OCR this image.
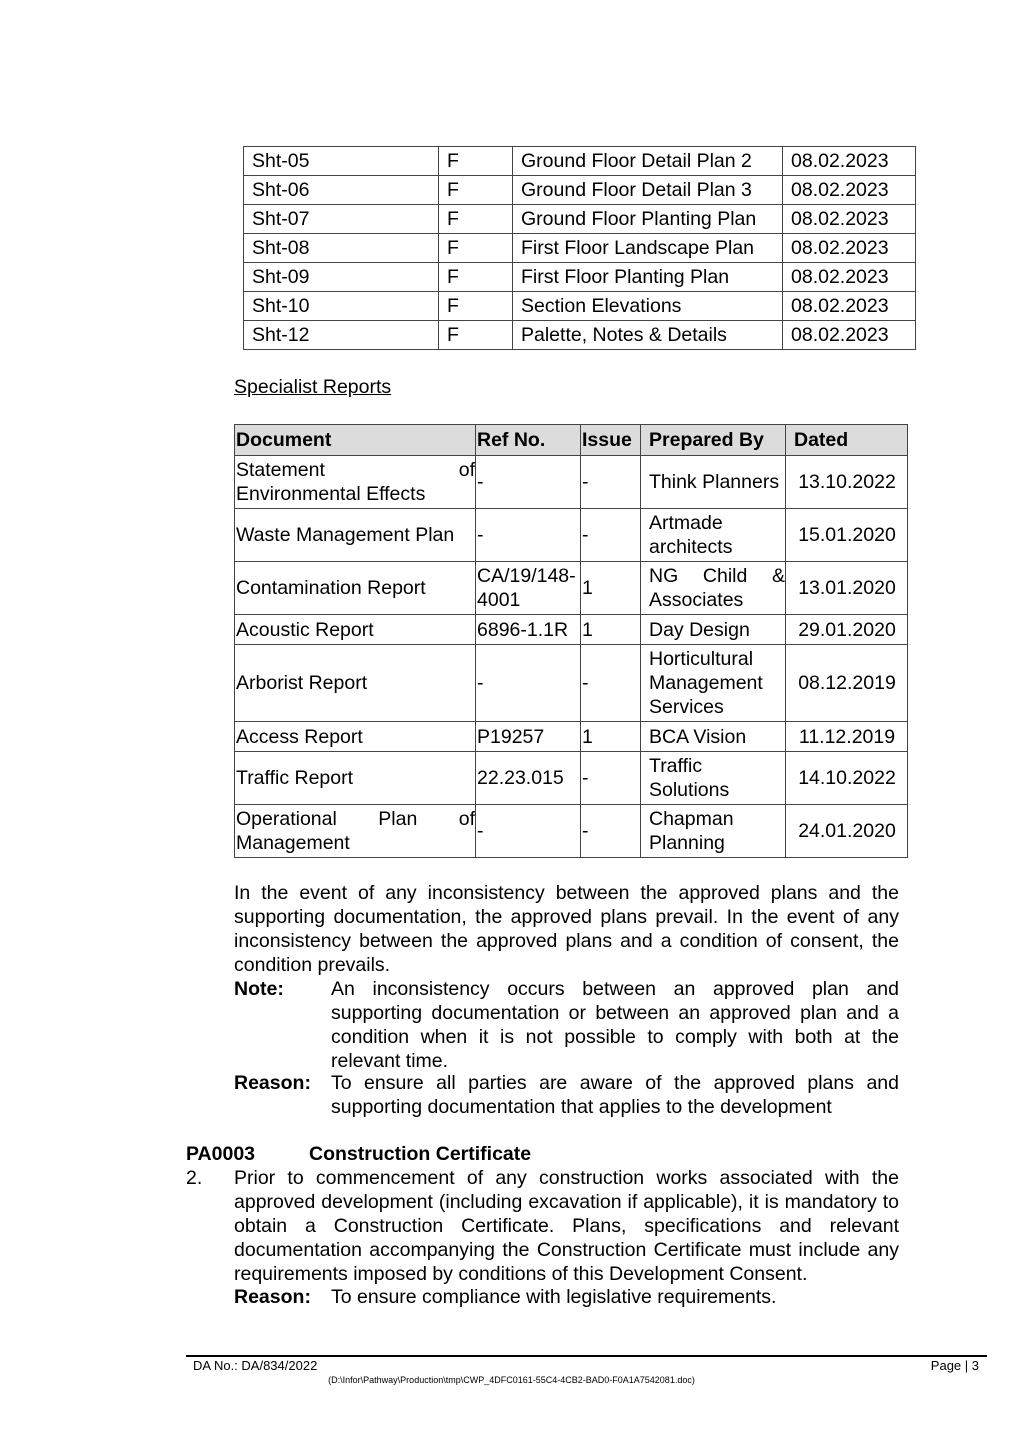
Sht-05	F	Ground Floor Detail Plan 2	08.02.2023
Sht-06	F	Ground Floor Detail Plan 3	08.02.2023
Sht-07	F	Ground Floor Planting Plan	08.02.2023
Sht-08	F	First Floor Landscape Plan	08.02.2023
Sht-09	F	First Floor Planting Plan	08.02.2023
Sht-10	F	Section Elevations	08.02.2023
Sht-12	F	Palette, Notes & Details	08.02.2023
Specialist Reports
Document	Ref No.	Issue	Prepared By	Dated
Statement of Environmental Effects	-	-	Think Planners	13.10.2022
Waste Management Plan	-	-	Artmade architects	15.01.2020
Contamination Report	CA/19/148-4001	1	NG Child & Associates	13.01.2020
Acoustic Report	6896-1.1R	1	Day Design	29.01.2020
Arborist Report	-	-	Horticultural Management Services	08.12.2019
Access Report	P19257	1	BCA Vision	11.12.2019
Traffic Report	22.23.015	-	Traffic Solutions	14.10.2022
Operational Plan of Management	-	-	Chapman Planning	24.01.2020
In the event of any inconsistency between the approved plans and the supporting documentation, the approved plans prevail. In the event of any inconsistency between the approved plans and a condition of consent, the condition prevails.
Note: An inconsistency occurs between an approved plan and supporting documentation or between an approved plan and a condition when it is not possible to comply with both at the relevant time.
Reason: To ensure all parties are aware of the approved plans and supporting documentation that applies to the development
PA0003	Construction Certificate
2. Prior to commencement of any construction works associated with the approved development (including excavation if applicable), it is mandatory to obtain a Construction Certificate. Plans, specifications and relevant documentation accompanying the Construction Certificate must include any requirements imposed by conditions of this Development Consent.
Reason: To ensure compliance with legislative requirements.
DA No.: DA/834/2022	Page | 3
(D:\Infor\Pathway\Production\tmp\CWP_4DFC0161-55C4-4CB2-BAD0-F0A1A7542081.doc)
